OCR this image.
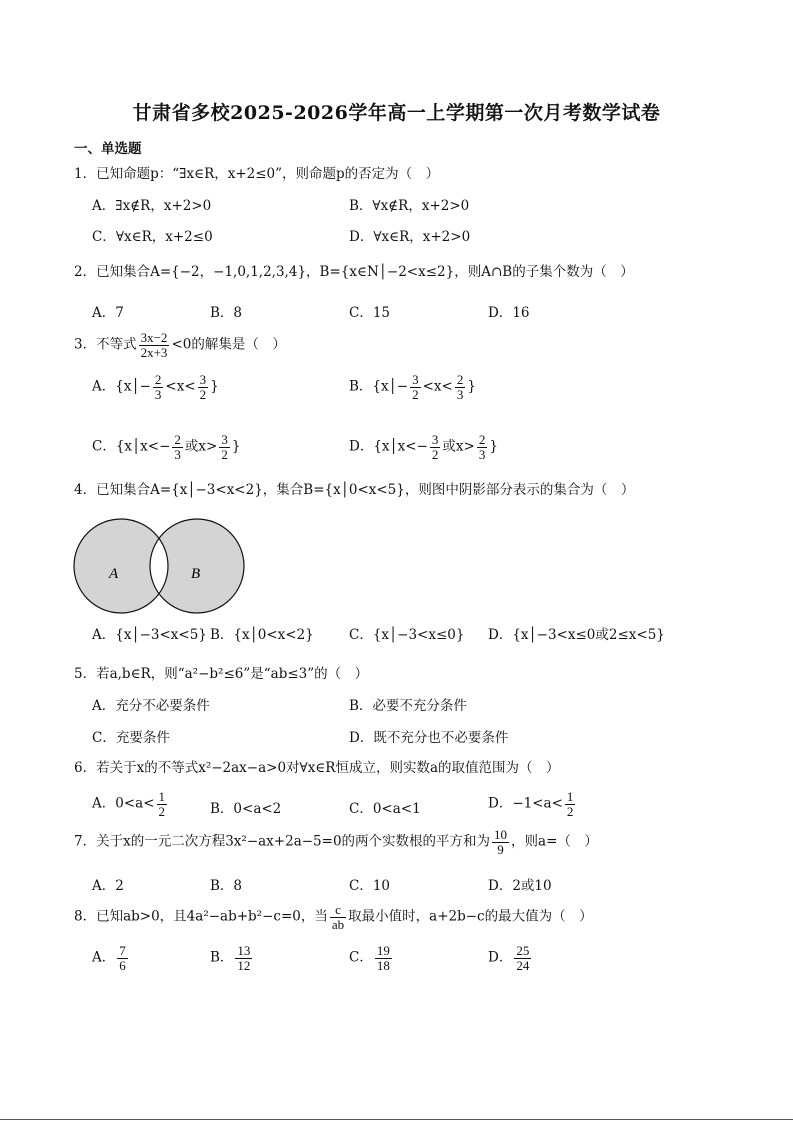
甘肃省多校2025-2026学年高一上学期第一次月考数学试卷
一、单选题
1．已知命题p：“∃x∈R，x+2≤0”，则命题p的否定为（　）
A．∃x∉R，x+2>0	B．∀x∉R，x+2>0
C．∀x∈R，x+2≤0	D．∀x∈R，x+2>0
2．已知集合A={−2，−1,0,1,2,3,4}，B={x∈N│−2<x≤2}，则A∩B的子集个数为（　）
A．7	B．8	C．15	D．16
3．不等式 $\frac{3x-2}{2x+3} <0$的解集是（　）
A．{x│− $\frac{2}{3} <x< \frac{3}{2}$ }	B．{x│− $\frac{3}{2} <x< \frac{2}{3}$ }
C．{x│x<− $\frac{2}{3}$ 或$x> \frac{3}{2}$ }	D．{x│x<− $\frac{3}{2}$ 或$x> \frac{2}{3}$ }
4．已知集合A={x│−3<x<2}，集合B={x│0<x<5}，则图中阴影部分表示的集合为（　）
A	B
A．{x│−3<x<5} B．{x│0<x<2}	C．{x│−3<x≤0} D．{x│−3<x≤0或2≤x<5}
5．若a,b∈R，则“a²−b²≤6”是“ab≤3”的（　）
A．充分不必要条件	B．必要不充分条件
C．充要条件	D．既不充分也不必要条件
6．若关于x的不等式x²−2ax−a>0对∀x∈R恒成立，则实数a的取值范围为（　）
A．$0<a< \frac{1}{2}$	B．0<a<2	C．0<a<1	D．$-1<a< \frac{1}{2}$
7．关于x的一元二次方程3x²−ax+2a−5=0的两个实数根的平方和为 $\frac{10}{9}$ ，则a=（　）
A．2	B．8	C．10	D．2或10
8．已知ab>0，且4a²−ab+b²−c=0，当 $\frac{c}{ab}$ 取最小值时，a+2b−c的最大值为（　）
A． $\frac{7}{6}$	B． $\frac{13}{12}$	C． $\frac{19}{18}$	D． $\frac{25}{24}$
